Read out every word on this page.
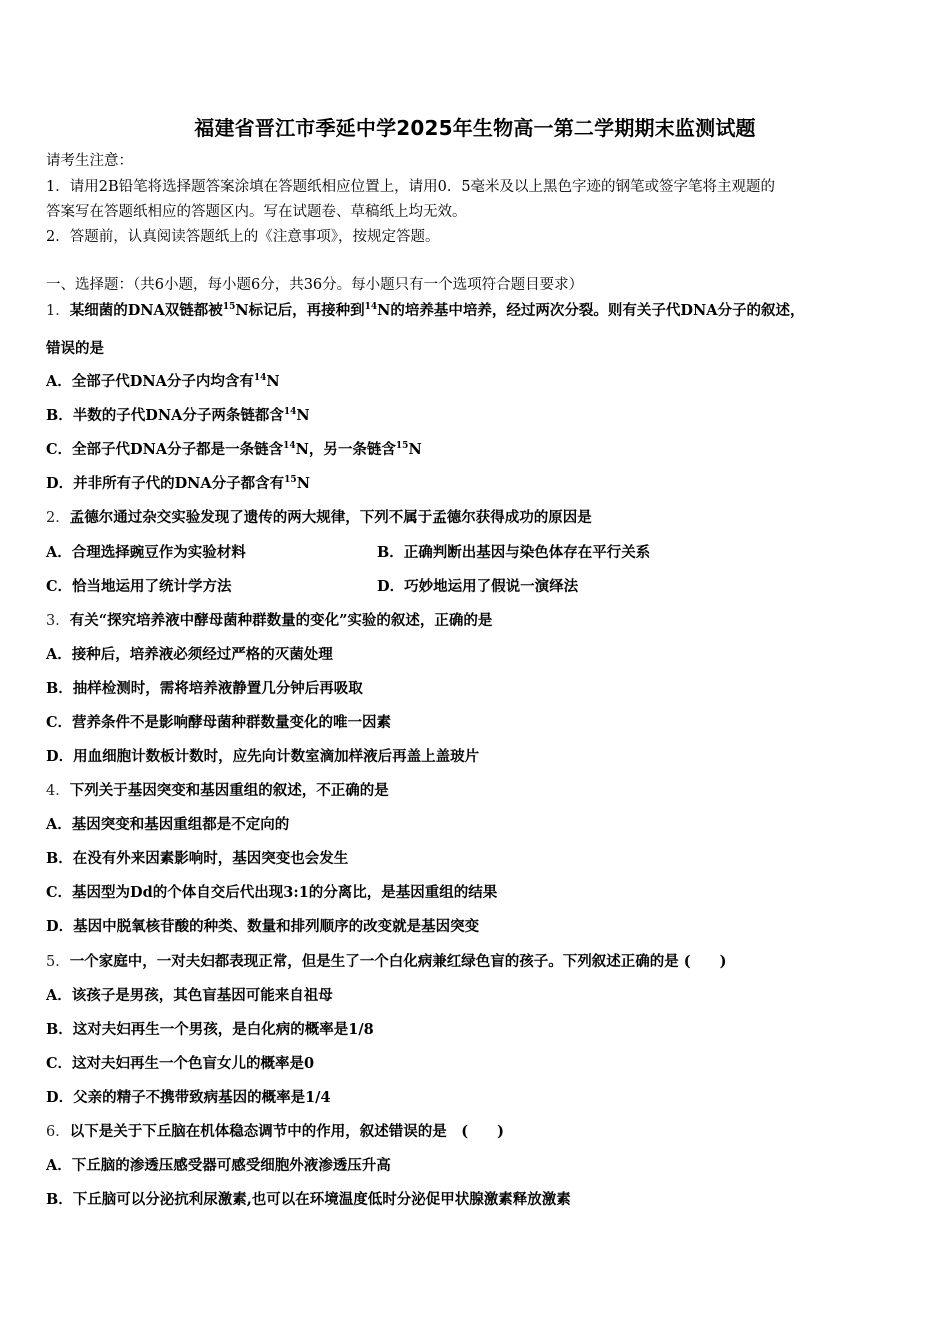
福建省晋江市季延中学2025年生物高一第二学期期末监测试题
请考生注意：
1．请用2B铅笔将选择题答案涂填在答题纸相应位置上，请用0．5毫米及以上黑色字迹的钢笔或签字笔将主观题的
答案写在答题纸相应的答题区内。写在试题卷、草稿纸上均无效。
2．答题前，认真阅读答题纸上的《注意事项》，按规定答题。
一、选择题：（共6小题，每小题6分，共36分。每小题只有一个选项符合题目要求）
1．某细菌的DNA双链都被$^{15}$N标记后，再接种到$^{14}$N的培养基中培养，经过两次分裂。则有关子代DNA分子的叙述，
错误的是
A．全部子代DNA分子内均含有$^{14}$N
B．半数的子代DNA分子两条链都含$^{14}$N
C．全部子代DNA分子都是一条链含$^{14}$N，另一条链含$^{15}$N
D．并非所有子代的DNA分子都含有$^{15}$N
2．孟德尔通过杂交实验发现了遗传的两大规律，下列不属于孟德尔获得成功的原因是
A．合理选择豌豆作为实验材料	B．正确判断出基因与染色体存在平行关系
C．恰当地运用了统计学方法	D．巧妙地运用了假说一演绎法
3．有关“探究培养液中酵母菌种群数量的变化”实验的叙述，正确的是
A．接种后，培养液必须经过严格的灭菌处理
B．抽样检测时，需将培养液静置几分钟后再吸取
C．营养条件不是影响酵母菌种群数量变化的唯一因素
D．用血细胞计数板计数时，应先向计数室滴加样液后再盖上盖玻片
4．下列关于基因突变和基因重组的叙述，不正确的是
A．基因突变和基因重组都是不定向的
B．在没有外来因素影响时，基因突变也会发生
C．基因型为Dd的个体自交后代出现3:1的分离比，是基因重组的结果
D．基因中脱氧核苷酸的种类、数量和排列顺序的改变就是基因突变
5．一个家庭中，一对夫妇都表现正常，但是生了一个白化病兼红绿色盲的孩子。下列叙述正确的是 (　　)
A．该孩子是男孩，其色盲基因可能来自祖母
B．这对夫妇再生一个男孩，是白化病的概率是1/8
C．这对夫妇再生一个色盲女儿的概率是0
D．父亲的精子不携带致病基因的概率是1/4
6．以下是关于下丘脑在机体稳态调节中的作用，叙述错误的是　(　　)
A．下丘脑的渗透压感受器可感受细胞外液渗透压升高
B．下丘脑可以分泌抗利尿激素,也可以在环境温度低时分泌促甲状腺激素释放激素
